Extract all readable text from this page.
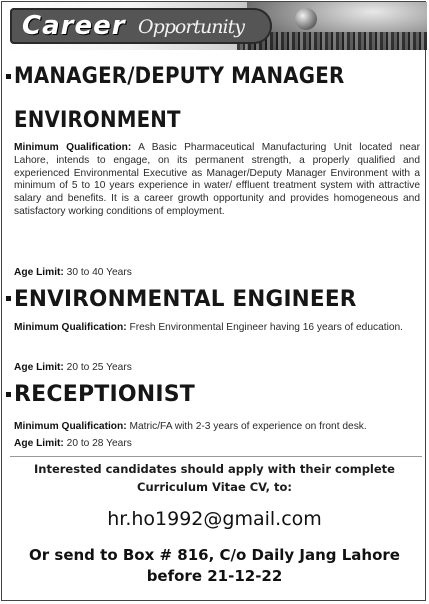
Career Opportunity
MANAGER/DEPUTY MANAGER
ENVIRONMENT
Minimum Qualification: A Basic Pharmaceutical Manufacturing Unit located near Lahore, intends to engage, on its permanent strength, a properly qualified and experienced Environmental Executive as Manager/Deputy Manager Environment with a minimum of 5 to 10 years experience in water/ effluent treatment system with attractive salary and benefits. It is a career growth opportunity and provides homogeneous and satisfactory working conditions of employment.
Age Limit: 30 to 40 Years
ENVIRONMENTAL ENGINEER
Minimum Qualification: Fresh Environmental Engineer having 16 years of education.
Age Limit: 20 to 25 Years
RECEPTIONIST
Minimum Qualification: Matric/FA with 2-3 years of experience on front desk.
Age Limit: 20 to 28 Years
Interested candidates should apply with their complete
Curriculum Vitae CV, to:
hr.ho1992@gmail.com
Or send to Box # 816, C/o Daily Jang Lahore
before 21-12-22
